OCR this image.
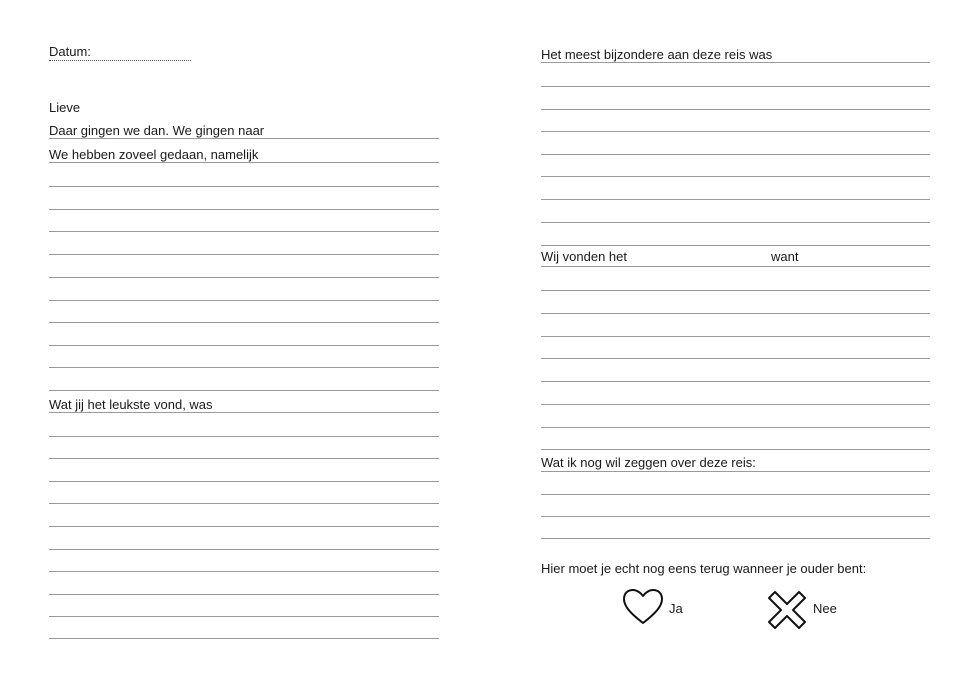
Datum:
Lieve
Daar gingen we dan. We gingen naar
We hebben zoveel gedaan, namelijk
Wat jij het leukste vond, was
Het meest bijzondere aan deze reis was
Wij vonden het	want
Wat ik nog wil zeggen over deze reis:
Hier moet je echt nog eens terug wanneer je ouder bent:
Ja	Nee
